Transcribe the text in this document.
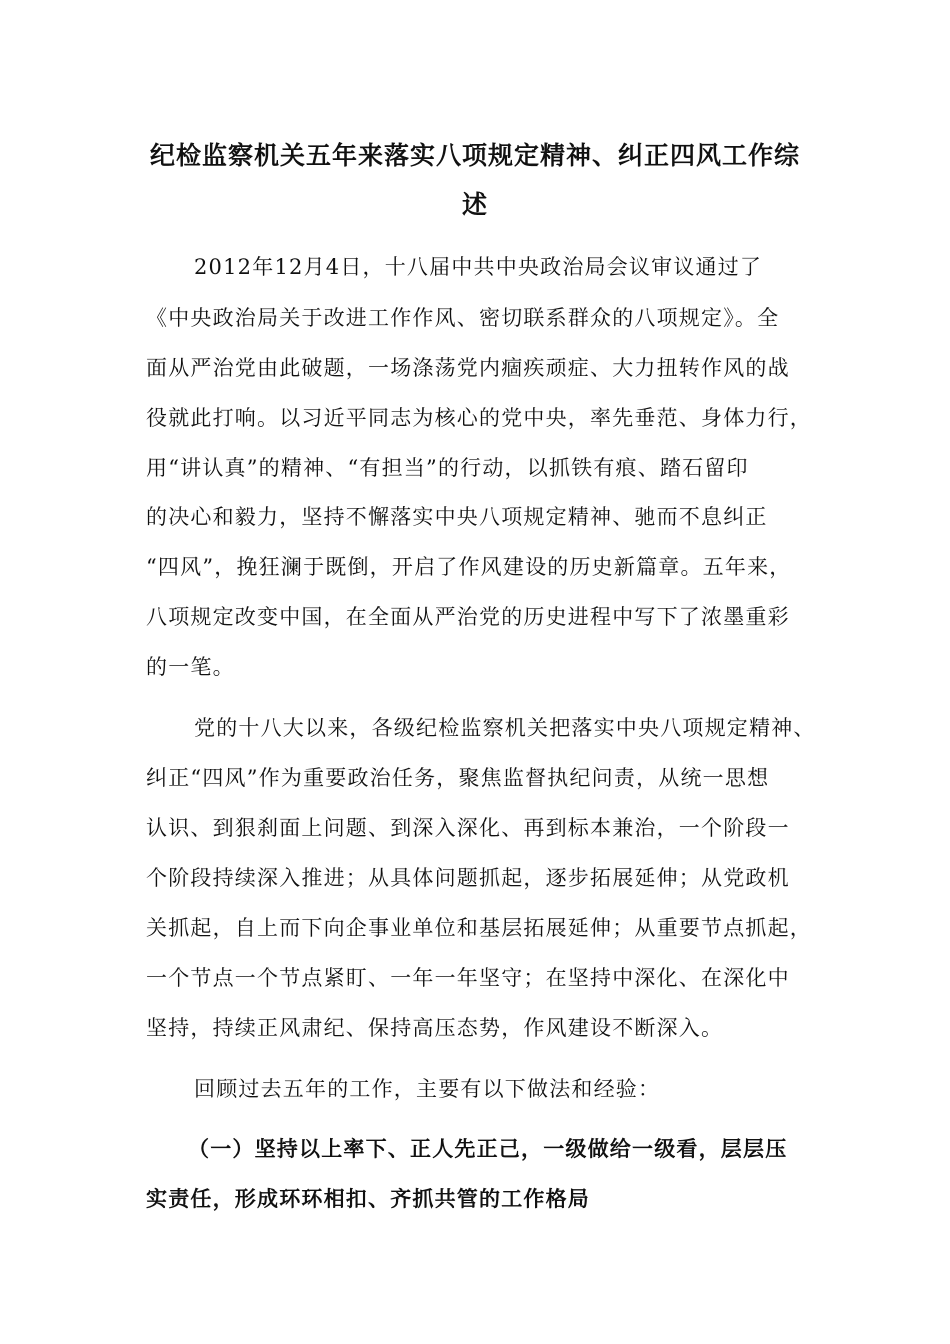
纪检监察机关五年来落实八项规定精神、纠正四风工作综
述
2012年12月4日，十八届中共中央政治局会议审议通过了
《中央政治局关于改进工作作风、密切联系群众的八项规定》。全
面从严治党由此破题，一场涤荡党内痼疾顽症、大力扭转作风的战
役就此打响。以习近平同志为核心的党中央，率先垂范、身体力行，
用“讲认真”的精神、“有担当”的行动，以抓铁有痕、踏石留印
的决心和毅力，坚持不懈落实中央八项规定精神、驰而不息纠正
“四风”，挽狂澜于既倒，开启了作风建设的历史新篇章。五年来，
八项规定改变中国，在全面从严治党的历史进程中写下了浓墨重彩
的一笔。
党的十八大以来，各级纪检监察机关把落实中央八项规定精神、
纠正“四风”作为重要政治任务，聚焦监督执纪问责，从统一思想
认识、到狠刹面上问题、到深入深化、再到标本兼治，一个阶段一
个阶段持续深入推进；从具体问题抓起，逐步拓展延伸；从党政机
关抓起，自上而下向企事业单位和基层拓展延伸；从重要节点抓起，
一个节点一个节点紧盯、一年一年坚守；在坚持中深化、在深化中
坚持，持续正风肃纪、保持高压态势，作风建设不断深入。
回顾过去五年的工作，主要有以下做法和经验：
（一）坚持以上率下、正人先正己，一级做给一级看，层层压
实责任，形成环环相扣、齐抓共管的工作格局
